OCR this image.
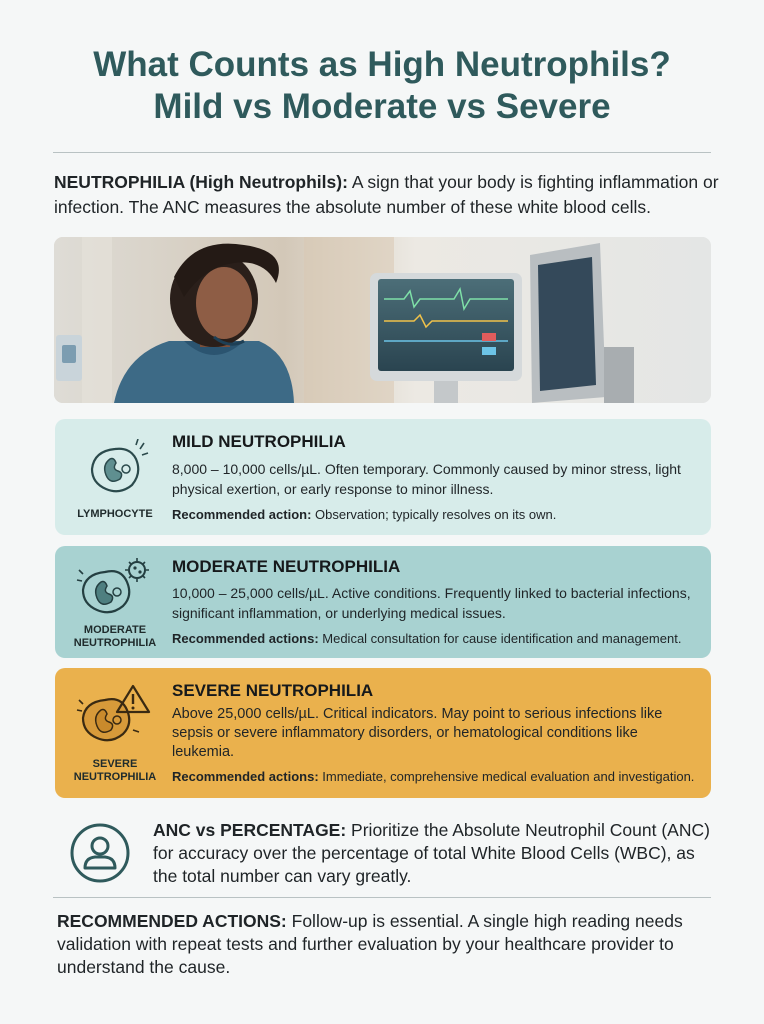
What Counts as High Neutrophils?
Mild vs Moderate vs Severe
NEUTROPHILIA (High Neutrophils): A sign that your body is fighting inflammation or infection. The ANC measures the absolute number of these white blood cells.
LYMPHOCYTE
MILD NEUTROPHILIA
8,000 – 10,000 cells/µL. Often temporary. Commonly caused by minor stress, light physical exertion, or early response to minor illness.
Recommended action: Observation; typically resolves on its own.
MODERATE
NEUTROPHILIA
MODERATE NEUTROPHILIA
10,000 – 25,000 cells/µL. Active conditions. Frequently linked to bacterial infections, significant inflammation, or underlying medical issues.
Recommended actions: Medical consultation for cause identification and management.
SEVERE
NEUTROPHILIA
SEVERE NEUTROPHILIA
Above 25,000 cells/µL. Critical indicators. May point to serious infections like sepsis or severe inflammatory disorders, or hematological conditions like leukemia.
Recommended actions: Immediate, comprehensive medical evaluation and investigation.
ANC vs PERCENTAGE: Prioritize the Absolute Neutrophil Count (ANC) for accuracy over the percentage of total White Blood Cells (WBC), as the total number can vary greatly.
RECOMMENDED ACTIONS: Follow-up is essential. A single high reading needs validation with repeat tests and further evaluation by your healthcare provider to understand the cause.
